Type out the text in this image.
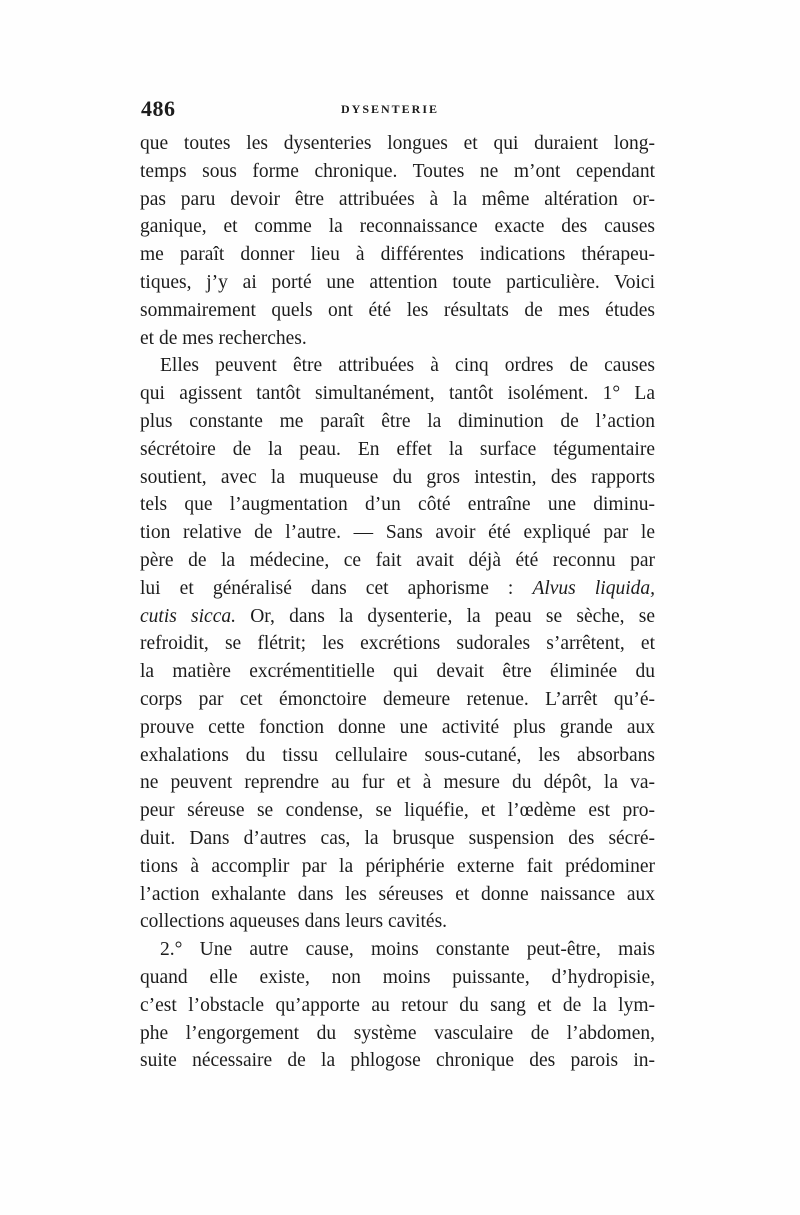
486	DYSENTERIE
que toutes les dysenteries longues et qui duraient long-
temps sous forme chronique. Toutes ne m’ont cependant
pas paru devoir être attribuées à la même altération or-
ganique, et comme la reconnaissance exacte des causes
me paraît donner lieu à différentes indications thérapeu-
tiques, j’y ai porté une attention toute particulière. Voici
sommairement quels ont été les résultats de mes études
et de mes recherches.
Elles peuvent être attribuées à cinq ordres de causes
qui agissent tantôt simultanément, tantôt isolément. 1° La
plus constante me paraît être la diminution de l’action
sécrétoire de la peau. En effet la surface tégumentaire
soutient, avec la muqueuse du gros intestin, des rapports
tels que l’augmentation d’un côté entraîne une diminu-
tion relative de l’autre. — Sans avoir été expliqué par le
père de la médecine, ce fait avait déjà été reconnu par
lui et généralisé dans cet aphorisme : Alvus liquida,
cutis sicca. Or, dans la dysenterie, la peau se sèche, se
refroidit, se flétrit; les excrétions sudorales s’arrêtent, et
la matière excrémentitielle qui devait être éliminée du
corps par cet émonctoire demeure retenue. L’arrêt qu’é-
prouve cette fonction donne une activité plus grande aux
exhalations du tissu cellulaire sous-cutané, les absorbans
ne peuvent reprendre au fur et à mesure du dépôt, la va-
peur séreuse se condense, se liquéfie, et l’œdème est pro-
duit. Dans d’autres cas, la brusque suspension des sécré-
tions à accomplir par la périphérie externe fait prédominer
l’action exhalante dans les séreuses et donne naissance aux
collections aqueuses dans leurs cavités.
2.° Une autre cause, moins constante peut-être, mais
quand elle existe, non moins puissante, d’hydropisie,
c’est l’obstacle qu’apporte au retour du sang et de la lym-
phe l’engorgement du système vasculaire de l’abdomen,
suite nécessaire de la phlogose chronique des parois in-
